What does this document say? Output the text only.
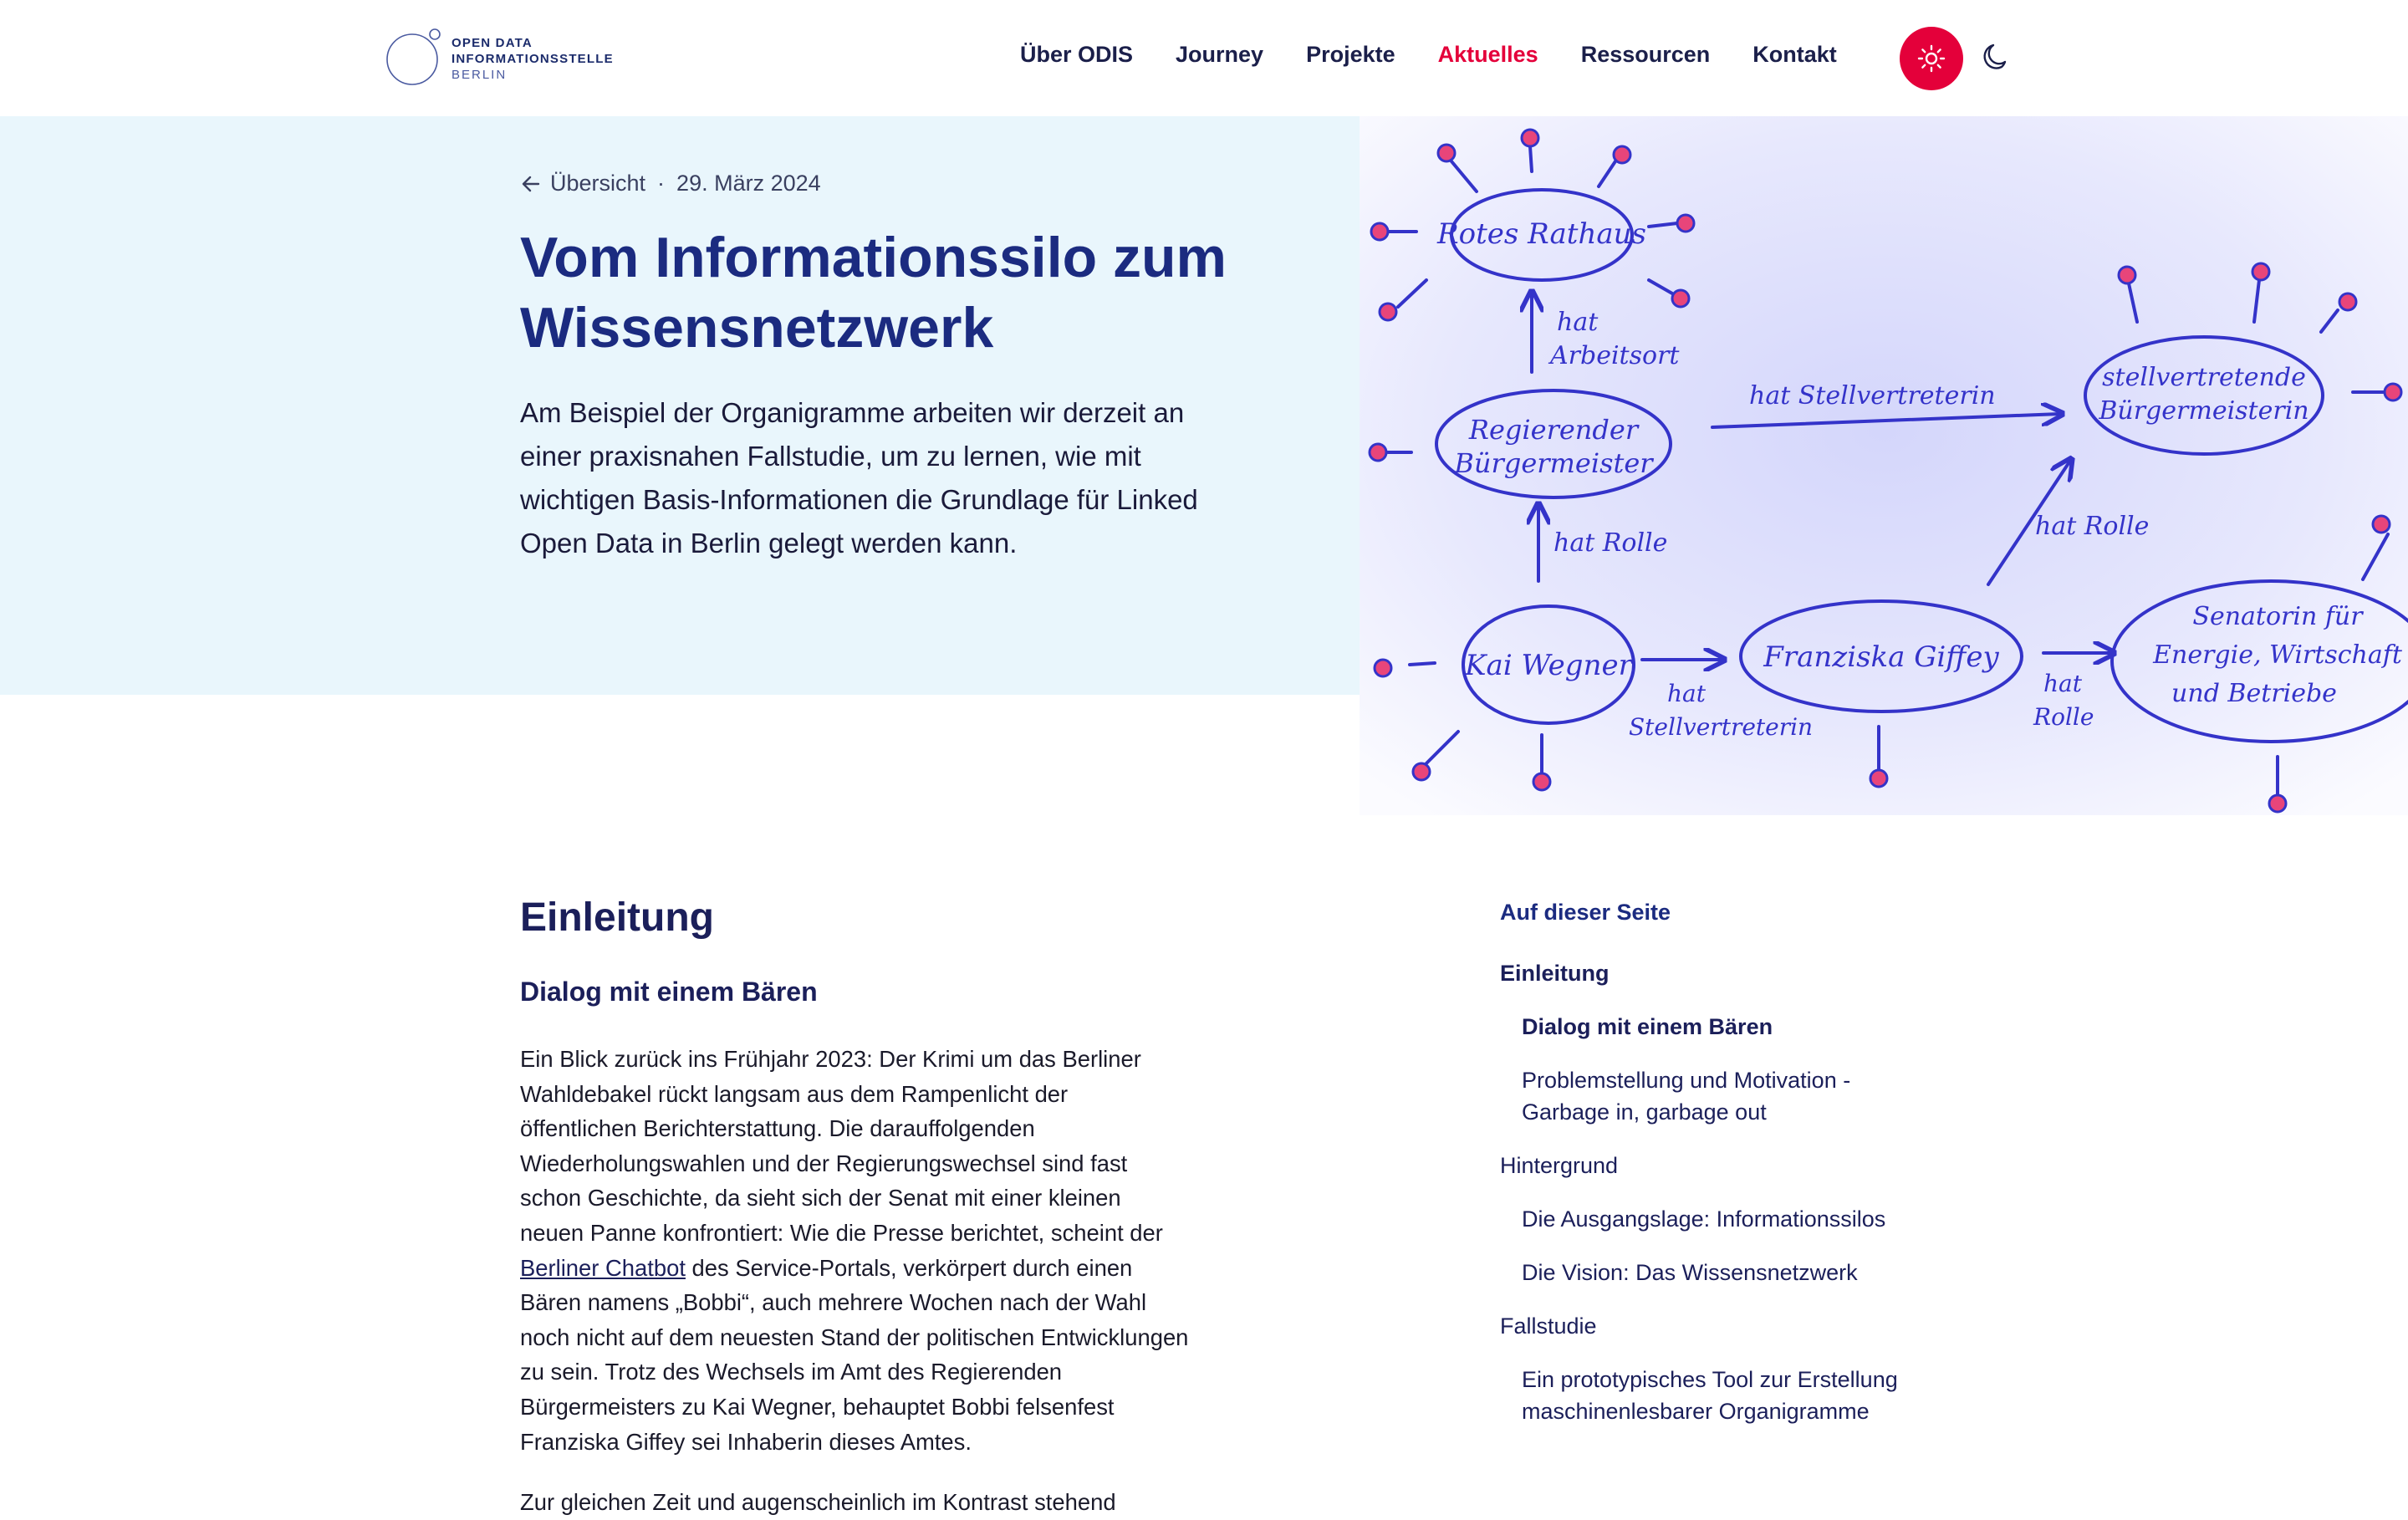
OPEN DATA
INFORMATIONSSTELLE
BERLIN
Über ODIS Journey Projekte Aktuelles Ressourcen Kontakt
Übersicht · 29. März 2024
Vom Informationssilo zum Wissensnetzwerk

Am Beispiel der Organigramme arbeiten wir derzeit an einer praxisnahen Fallstudie, um zu lernen, wie mit wichtigen Basis-Informationen die Grundlage für Linked Open Data in Berlin gelegt werden kann.

Rotes Rathaus
Regierender
Bürgermeister
stellvertretende
Bürgermeisterin
Kai Wegner	Franziska Giffey
Senatorin für
Energie, Wirtschaft
und Betriebe
hat
Arbeitsort
hat Stellvertreterin
hat Rolle
hat Rolle
hat
Stellvertreterin
hat
Rolle
Einleitung
Dialog mit einem Bären

Ein Blick zurück ins Frühjahr 2023: Der Krimi um das Berliner Wahldebakel rückt langsam aus dem Rampenlicht der öffentlichen Berichterstattung. Die darauffolgenden Wiederholungswahlen und der Regierungswechsel sind fast schon Geschichte, da sieht sich der Senat mit einer kleinen neuen Panne konfrontiert: Wie die Presse berichtet, scheint der Berliner Chatbot des Service-Portals, verkörpert durch einen Bären namens „Bobbi“, auch mehrere Wochen nach der Wahl noch nicht auf dem neuesten Stand der politischen Entwicklungen zu sein. Trotz des Wechsels im Amt des Regierenden Bürgermeisters zu Kai Wegner, behauptet Bobbi felsenfest Franziska Giffey sei Inhaberin dieses Amtes.

Zur gleichen Zeit und augenscheinlich im Kontrast stehend

Auf dieser Seite

Einleitung
Dialog mit einem Bären
Problemstellung und Motivation - Garbage in, garbage out
Hintergrund
Die Ausgangslage: Informationssilos
Die Vision: Das Wissensnetzwerk
Fallstudie
Ein prototypisches Tool zur Erstellung maschinenlesbarer Organigramme
